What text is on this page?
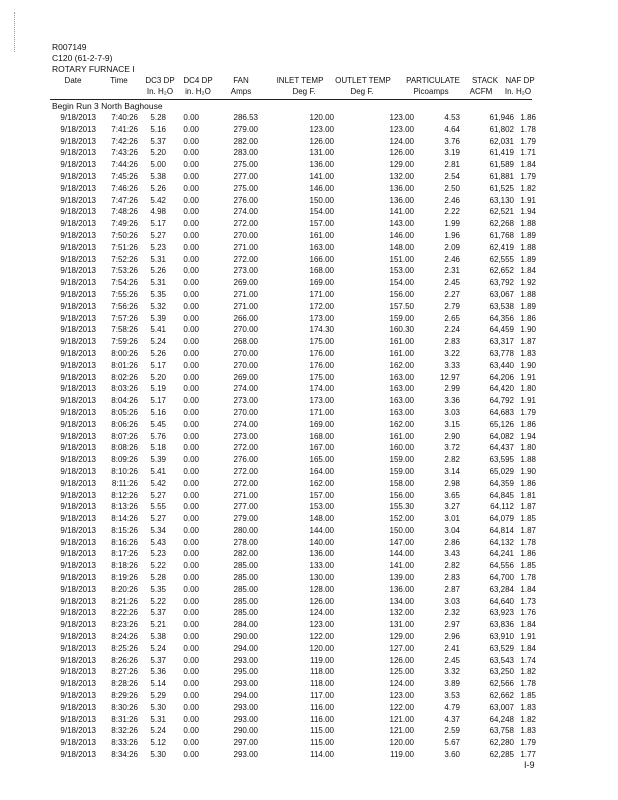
R007149
C120 (61-2-7-9)
ROTARY FURNACE I
Date	Time	DC3 DP	DC4 DP	FAN	INLET TEMP	OUTLET TEMP	PARTICULATE	STACK NAF DP
In. H₂O	in. H₂O	Amps	Deg F.	Deg F.	Picoamps	ACFM	In. H₂O
Begin Run 3 North Baghouse
9/18/2013	7:40:26	5.28	0.00	286.53	120.00	123.00	4.53	61,946 1.86
9/18/2013	7:41:26	5.16	0.00	279.00	123.00	123.00	4.64	61,802 1.78
9/18/2013	7:42:26	5.37	0.00	282.00	126.00	124.00	3.76	62,031 1.79
9/18/2013	7:43:26	5.20	0.00	283.00	131.00	126.00	3.19	61,419 1.71
9/18/2013	7:44:26	5.00	0.00	275.00	136.00	129.00	2.81	61,589 1.84
9/18/2013	7:45:26	5.38	0.00	277.00	141.00	132.00	2.54	61,881 1.79
9/18/2013	7:46:26	5.26	0.00	275.00	146.00	136.00	2.50	61,525 1.82
9/18/2013	7:47:26	5.42	0.00	276.00	150.00	136.00	2.46	63,130 1.91
9/18/2013	7:48:26	4.98	0.00	274.00	154.00	141.00	2.22	62,521 1.94
9/18/2013	7:49:26	5.17	0.00	272.00	157.00	143.00	1.99	62,268 1.88
9/18/2013	7:50:26	5.27	0.00	270.00	161.00	146.00	1.96	61,768 1.89
9/18/2013	7:51:26	5.23	0.00	271.00	163.00	148.00	2.09	62,419 1.88
9/18/2013	7:52:26	5.31	0.00	272.00	166.00	151.00	2.46	62,555 1.89
9/18/2013	7:53:26	5.26	0.00	273.00	168.00	153.00	2.31	62,652 1.84
9/18/2013	7:54:26	5.31	0.00	269.00	169.00	154.00	2.45	63,792 1.92
9/18/2013	7:55:26	5.35	0.00	271.00	171.00	156.00	2.27	63,067 1.88
9/18/2013	7:56:26	5.32	0.00	271.00	172.00	157.50	2.79	63,538 1.89
9/18/2013	7:57:26	5.39	0.00	266.00	173.00	159.00	2.65	64,356 1.86
9/18/2013	7:58:26	5.41	0.00	270.00	174.30	160.30	2.24	64,459 1.90
9/18/2013	7:59:26	5.24	0.00	268.00	175.00	161.00	2.83	63,317 1.87
9/18/2013	8:00:26	5.26	0.00	270.00	176.00	161.00	3.22	63,778 1.83
9/18/2013	8:01:26	5.17	0.00	270.00	176.00	162.00	3.33	63,440 1.90
9/18/2013	8:02:26	5.20	0.00	269.00	175.00	163.00	12.97	64,206 1.91
9/18/2013	8:03:26	5.19	0.00	274.00	174.00	163.00	2.99	64,420 1.80
9/18/2013	8:04:26	5.17	0.00	273.00	173.00	163.00	3.36	64,792 1.91
9/18/2013	8:05:26	5.16	0.00	270.00	171.00	163.00	3.03	64,683 1.79
9/18/2013	8:06:26	5.45	0.00	274.00	169.00	162.00	3.15	65,126 1.86
9/18/2013	8:07:26	5.76	0.00	273.00	168.00	161.00	2.90	64,082 1.94
9/18/2013	8:08:26	5.18	0.00	272.00	167.00	160.00	3.72	64,437 1.80
9/18/2013	8:09:26	5.39	0.00	276.00	165.00	159.00	2.82	63,595 1.88
9/18/2013	8:10:26	5.41	0.00	272.00	164.00	159.00	3.14	65,029 1.90
9/18/2013	8:11:26	5.42	0.00	272.00	162.00	158.00	2.98	64,359 1.86
9/18/2013	8:12:26	5.27	0.00	271.00	157.00	156.00	3.65	64,845 1.81
9/18/2013	8:13:26	5.55	0.00	277.00	153.00	155.30	3.27	64,112 1.87
9/18/2013	8:14:26	5.27	0.00	279.00	148.00	152.00	3.01	64,079 1.85
9/18/2013	8:15:26	5.34	0.00	280.00	144.00	150.00	3.04	64,814 1.87
9/18/2013	8:16:26	5.43	0.00	278.00	140.00	147.00	2.86	64,132 1.78
9/18/2013	8:17:26	5.23	0.00	282.00	136.00	144.00	3.43	64,241 1.86
9/18/2013	8:18:26	5.22	0.00	285.00	133.00	141.00	2.82	64,556 1.85
9/18/2013	8:19:26	5.28	0.00	285.00	130.00	139.00	2.83	64,700 1.78
9/18/2013	8:20:26	5.35	0.00	285.00	128.00	136.00	2.87	63,284 1.84
9/18/2013	8:21:26	5.22	0.00	285.00	126.00	134.00	3.03	64,640 1.73
9/18/2013	8:22:26	5.37	0.00	285.00	124.00	132.00	2.32	63,923 1.76
9/18/2013	8:23:26	5.21	0.00	284.00	123.00	131.00	2.97	63,836 1.84
9/18/2013	8:24:26	5.38	0.00	290.00	122.00	129.00	2.96	63,910 1.91
9/18/2013	8:25:26	5.24	0.00	294.00	120.00	127.00	2.41	63,529 1.84
9/18/2013	8:26:26	5.37	0.00	293.00	119.00	126.00	2.45	63,543 1.74
9/18/2013	8:27:26	5.36	0.00	295.00	118.00	125.00	3.32	63,250 1.82
9/18/2013	8:28:26	5.14	0.00	293.00	118.00	124.00	3.89	62,566 1.78
9/18/2013	8:29:26	5.29	0.00	294.00	117.00	123.00	3.53	62,662 1.85
9/18/2013	8:30:26	5.30	0.00	293.00	116.00	122.00	4.79	63,007 1.83
9/18/2013	8:31:26	5.31	0.00	293.00	116.00	121.00	4.37	64,248 1.82
9/18/2013	8:32:26	5.24	0.00	290.00	115.00	121.00	2.59	63,758 1.83
9/18/2013	8:33:26	5.12	0.00	297.00	115.00	120.00	5.67	62,280 1.79
9/18/2013	8:34:26	5.30	0.00	293.00	114.00	119.00	3.60	62,285 1.77
I-9
